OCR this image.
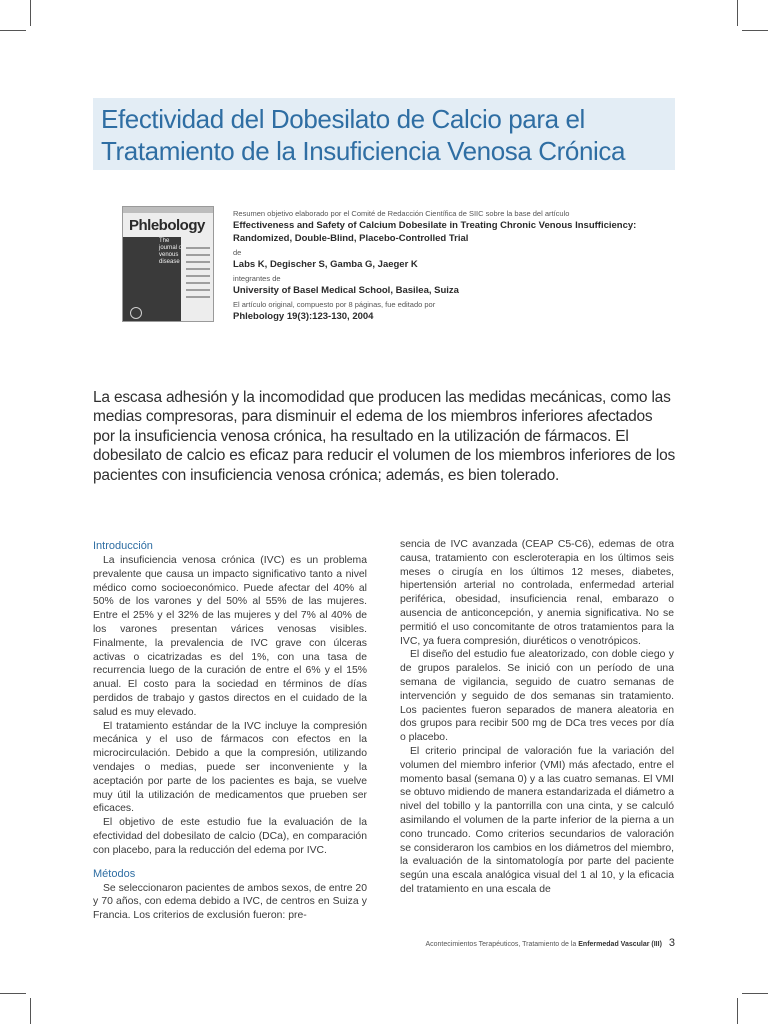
Efectividad del Dobesilato de Calcio para el Tratamiento de la Insuficiencia Venosa Crónica
Phlebology
The journal of venous disease
Resumen objetivo elaborado por el Comité de Redacción Científica de SIIC sobre la base del artículo
Effectiveness and Safety of Calcium Dobesilate in Treating Chronic Venous Insufficiency: Randomized, Double-Blind, Placebo-Controlled Trial
de
Labs K, Degischer S, Gamba G, Jaeger K
integrantes de
University of Basel Medical School, Basilea, Suiza
El artículo original, compuesto por 8 páginas, fue editado por
Phlebology 19(3):123-130, 2004
La escasa adhesión y la incomodidad que producen las medidas mecánicas, como las medias compresoras, para disminuir el edema de los miembros inferiores afectados por la insuficiencia venosa crónica, ha resultado en la utilización de fármacos. El dobesilato de calcio es eficaz para reducir el volumen de los miembros inferiores de los pacientes con insuficiencia venosa crónica; además, es bien tolerado.
Introducción

La insuficiencia venosa crónica (IVC) es un problema prevalente que causa un impacto significativo tanto a nivel médico como socioeconómico. Puede afectar del 40% al 50% de los varones y del 50% al 55% de las mujeres. Entre el 25% y el 32% de las mujeres y del 7% al 40% de los varones presentan várices venosas visibles. Finalmente, la prevalencia de IVC grave con úlceras activas o cicatrizadas es del 1%, con una tasa de recurrencia luego de la curación de entre el 6% y el 15% anual. El costo para la sociedad en términos de días perdidos de trabajo y gastos directos en el cuidado de la salud es muy elevado.

El tratamiento estándar de la IVC incluye la compresión mecánica y el uso de fármacos con efectos en la microcirculación. Debido a que la compresión, utilizando vendajes o medias, puede ser inconveniente y la aceptación por parte de los pacientes es baja, se vuelve muy útil la utilización de medicamentos que prueben ser eficaces.

El objetivo de este estudio fue la evaluación de la efectividad del dobesilato de calcio (DCa), en comparación con placebo, para la reducción del edema por IVC.

Métodos

Se seleccionaron pacientes de ambos sexos, de entre 20 y 70 años, con edema debido a IVC, de centros en Suiza y Francia. Los criterios de exclusión fueron: pre-

sencia de IVC avanzada (CEAP C5-C6), edemas de otra causa, tratamiento con escleroterapia en los últimos seis meses o cirugía en los últimos 12 meses, diabetes, hipertensión arterial no controlada, enfermedad arterial periférica, obesidad, insuficiencia renal, embarazo o ausencia de anticoncepción, y anemia significativa. No se permitió el uso concomitante de otros tratamientos para la IVC, ya fuera compresión, diuréticos o venotrópicos.

El diseño del estudio fue aleatorizado, con doble ciego y de grupos paralelos. Se inició con un período de una semana de vigilancia, seguido de cuatro semanas de intervención y seguido de dos semanas sin tratamiento. Los pacientes fueron separados de manera aleatoria en dos grupos para recibir 500 mg de DCa tres veces por día o placebo.

El criterio principal de valoración fue la variación del volumen del miembro inferior (VMI) más afectado, entre el momento basal (semana 0) y a las cuatro semanas. El VMI se obtuvo midiendo de manera estandarizada el diámetro a nivel del tobillo y la pantorrilla con una cinta, y se calculó asimilando el volumen de la parte inferior de la pierna a un cono truncado. Como criterios secundarios de valoración se consideraron los cambios en los diámetros del miembro, la evaluación de la sintomatología por parte del paciente según una escala analógica visual del 1 al 10, y la eficacia del tratamiento en una escala de

Acontecimientos Terapéuticos, Tratamiento de la Enfermedad Vascular (III) 3
